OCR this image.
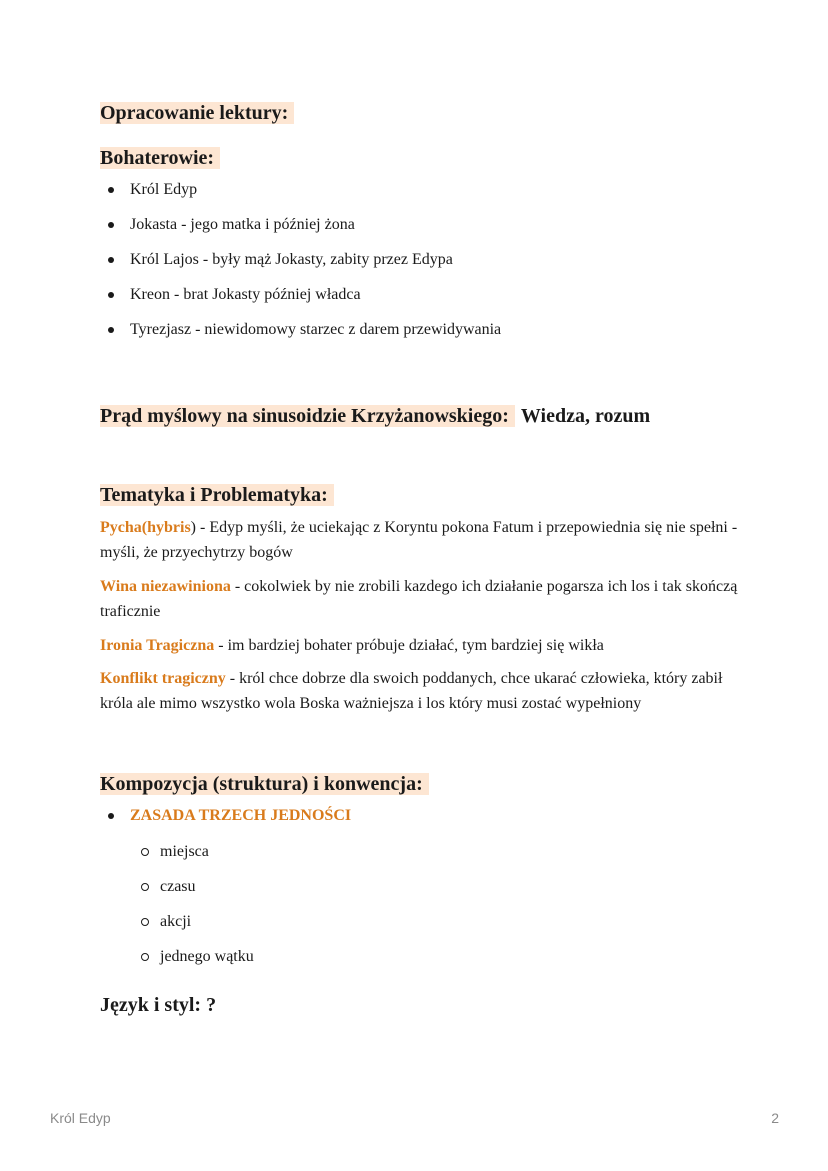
Opracowanie lektury:
Bohaterowie:
Król Edyp
Jokasta - jego matka i później żona
Król Lajos - były mąż Jokasty, zabity przez Edypa
Kreon - brat Jokasty później władca
Tyrezjasz - niewidomowy starzec z darem przewidywania
Prąd myślowy na sinusoidzie Krzyżanowskiego: Wiedza, rozum
Tematyka i Problematyka:

Pycha(hybris) - Edyp myśli, że uciekając z Koryntu pokona Fatum i przepowiednia się nie spełni - myśli, że przyechytrzy bogów

Wina niezawiniona - cokolwiek by nie zrobili kazdego ich działanie pogarsza ich los i tak skończą traficznie

Ironia Tragiczna - im bardziej bohater próbuje działać, tym bardziej się wikła

Konflikt tragiczny - król chce dobrze dla swoich poddanych, chce ukarać człowieka, który zabił króla ale mimo wszystko wola Boska ważniejsza i los który musi zostać wypełniony

Kompozycja (struktura) i konwencja:
ZASADA TRZECH JEDNOŚCI
miejsca
czasu
akcji
jednego wątku
Język i styl: ?
Król Edyp	2
